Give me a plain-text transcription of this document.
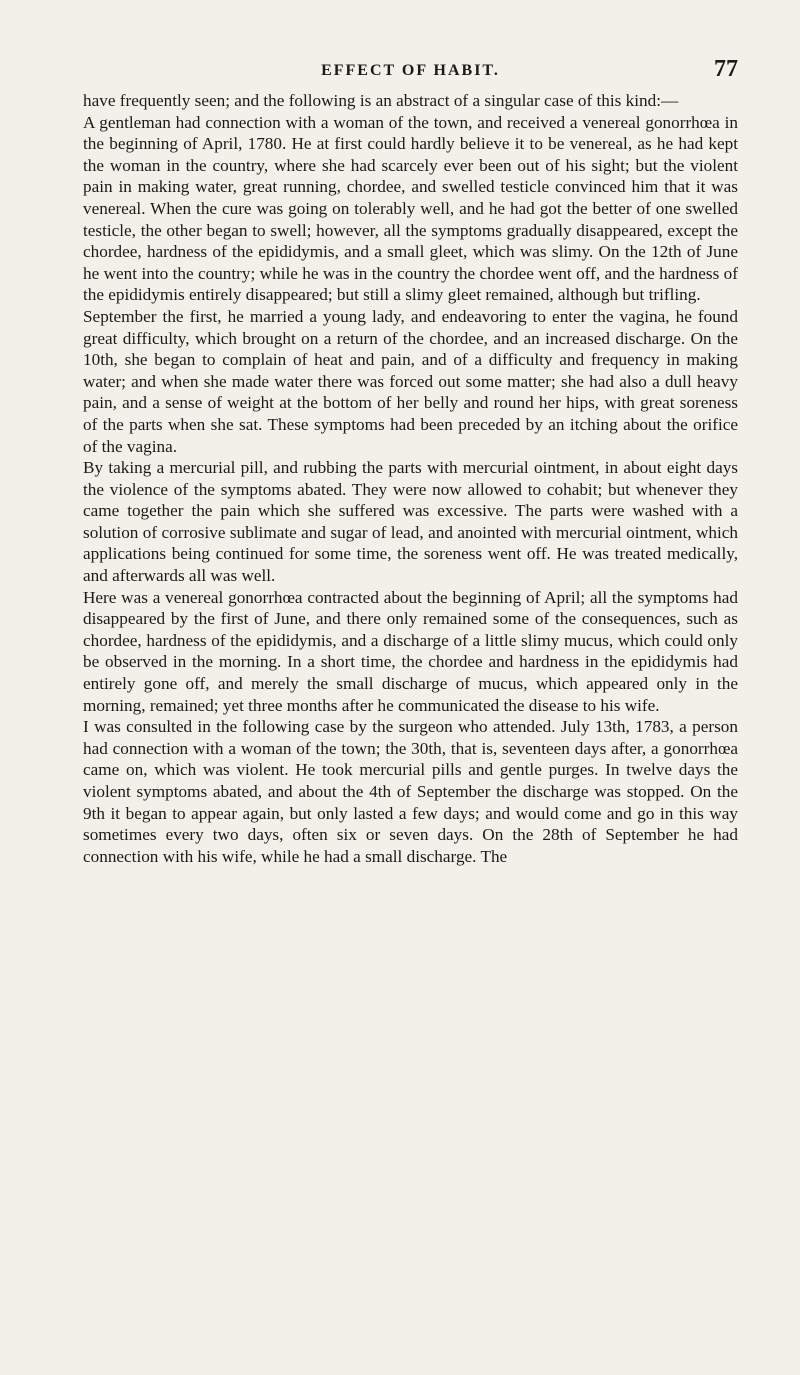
EFFECT OF HABIT.	77

have frequently seen; and the following is an abstract of a singular case of this kind:—

A gentleman had connection with a woman of the town, and received a venereal gonorrhœa in the beginning of April, 1780. He at first could hardly believe it to be venereal, as he had kept the woman in the country, where she had scarcely ever been out of his sight; but the violent pain in making water, great running, chordee, and swelled testicle convinced him that it was venereal. When the cure was going on tolerably well, and he had got the better of one swelled testicle, the other began to swell; however, all the symptoms gradually disappeared, except the chordee, hardness of the epididymis, and a small gleet, which was slimy. On the 12th of June he went into the country; while he was in the country the chordee went off, and the hardness of the epididymis entirely disappeared; but still a slimy gleet remained, although but trifling.

September the first, he married a young lady, and endeavoring to enter the vagina, he found great difficulty, which brought on a return of the chordee, and an increased discharge. On the 10th, she began to complain of heat and pain, and of a difficulty and frequency in making water; and when she made water there was forced out some matter; she had also a dull heavy pain, and a sense of weight at the bottom of her belly and round her hips, with great soreness of the parts when she sat. These symptoms had been preceded by an itching about the orifice of the vagina.

By taking a mercurial pill, and rubbing the parts with mercurial ointment, in about eight days the violence of the symptoms abated. They were now allowed to cohabit; but whenever they came together the pain which she suffered was excessive. The parts were washed with a solution of corrosive sublimate and sugar of lead, and anointed with mercurial ointment, which applications being continued for some time, the soreness went off. He was treated medically, and afterwards all was well.

Here was a venereal gonorrhœa contracted about the beginning of April; all the symptoms had disappeared by the first of June, and there only remained some of the consequences, such as chordee, hardness of the epididymis, and a discharge of a little slimy mucus, which could only be observed in the morning. In a short time, the chordee and hardness in the epididymis had entirely gone off, and merely the small discharge of mucus, which appeared only in the morning, remained; yet three months after he communicated the disease to his wife.

I was consulted in the following case by the surgeon who attended. July 13th, 1783, a person had connection with a woman of the town; the 30th, that is, seventeen days after, a gonorrhœa came on, which was violent. He took mercurial pills and gentle purges. In twelve days the violent symptoms abated, and about the 4th of September the discharge was stopped. On the 9th it began to appear again, but only lasted a few days; and would come and go in this way sometimes every two days, often six or seven days. On the 28th of September he had connection with his wife, while he had a small discharge. The
